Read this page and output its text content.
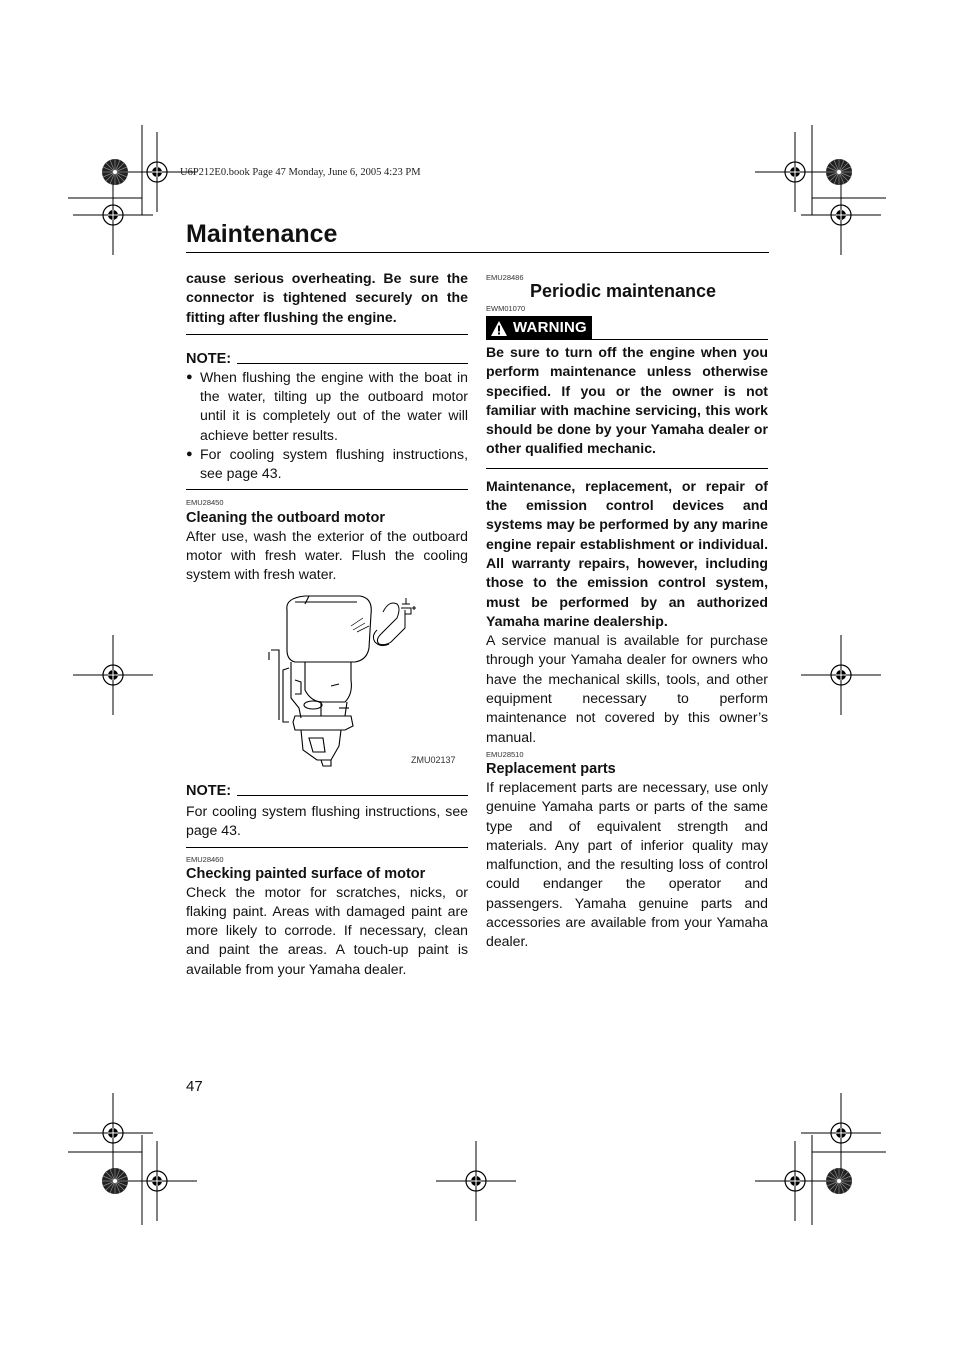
U6P212E0.book Page 47 Monday, June 6, 2005 4:23 PM
Maintenance

cause serious overheating. Be sure the connector is tightened securely on the fitting after flushing the engine.

NOTE:
● When flushing the engine with the boat in the water, tilting up the outboard motor until it is completely out of the water will achieve better results.
● For cooling system flushing instructions, see page 43.
EMU28450
Cleaning the outboard motor

After use, wash the exterior of the outboard motor with fresh water. Flush the cooling system with fresh water.

ZMU02137
NOTE:

For cooling system flushing instructions, see page 43.

EMU28460
Checking painted surface of motor

Check the motor for scratches, nicks, or flaking paint. Areas with damaged paint are more likely to corrode. If necessary, clean and paint the areas. A touch-up paint is available from your Yamaha dealer.

EMU28486
Periodic maintenance
EWM01070
WARNING

Be sure to turn off the engine when you perform maintenance unless otherwise specified. If you or the owner is not familiar with machine servicing, this work should be done by your Yamaha dealer or other qualified mechanic.

Maintenance, replacement, or repair of the emission control devices and systems may be performed by any marine engine repair establishment or individual. All warranty repairs, however, including those to the emission control system, must be performed by an authorized Yamaha marine dealership.

A service manual is available for purchase through your Yamaha dealer for owners who have the mechanical skills, tools, and other equipment necessary to perform maintenance not covered by this owner’s manual.

EMU28510
Replacement parts

If replacement parts are necessary, use only genuine Yamaha parts or parts of the same type and of equivalent strength and materials. Any part of inferior quality may malfunction, and the resulting loss of control could endanger the operator and passengers. Yamaha genuine parts and accessories are available from your Yamaha dealer.

47
